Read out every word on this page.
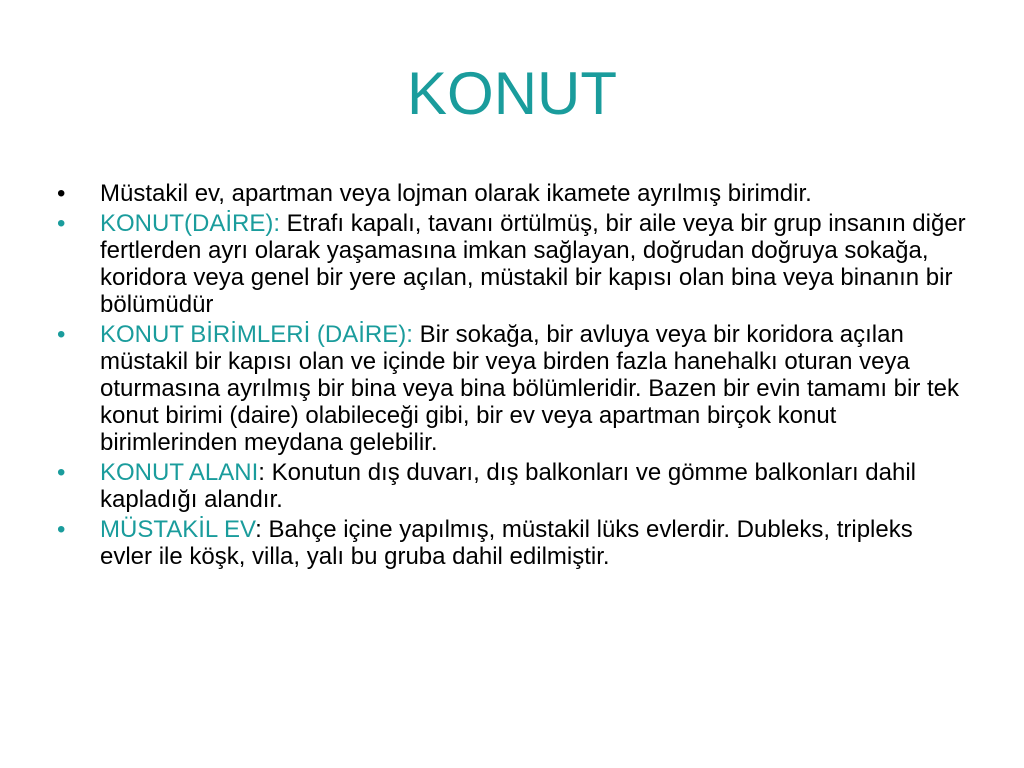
KONUT
•	Müstakil ev, apartman veya lojman olarak ikamete ayrılmış birimdir.
•	KONUT(DAİRE): Etrafı kapalı, tavanı örtülmüş, bir aile veya bir grup insanın diğer fertlerden ayrı olarak yaşamasına imkan sağlayan, doğrudan doğruya sokağa, koridora veya genel bir yere açılan, müstakil bir kapısı olan bina veya binanın bir bölümüdür
•	KONUT BİRİMLERİ (DAİRE): Bir sokağa, bir avluya veya bir koridora açılan müstakil bir kapısı olan ve içinde bir veya birden fazla hanehalkı oturan veya oturmasına ayrılmış bir bina veya bina bölümleridir. Bazen bir evin tamamı bir tek konut birimi (daire) olabileceği gibi, bir ev veya apartman birçok konut birimlerinden meydana gelebilir.
•	KONUT ALANI: Konutun dış duvarı, dış balkonları ve gömme balkonları dahil kapladığı alandır.
•	MÜSTAKİL EV: Bahçe içine yapılmış, müstakil lüks evlerdir. Dubleks, tripleks evler ile köşk, villa, yalı bu gruba dahil edilmiştir.
